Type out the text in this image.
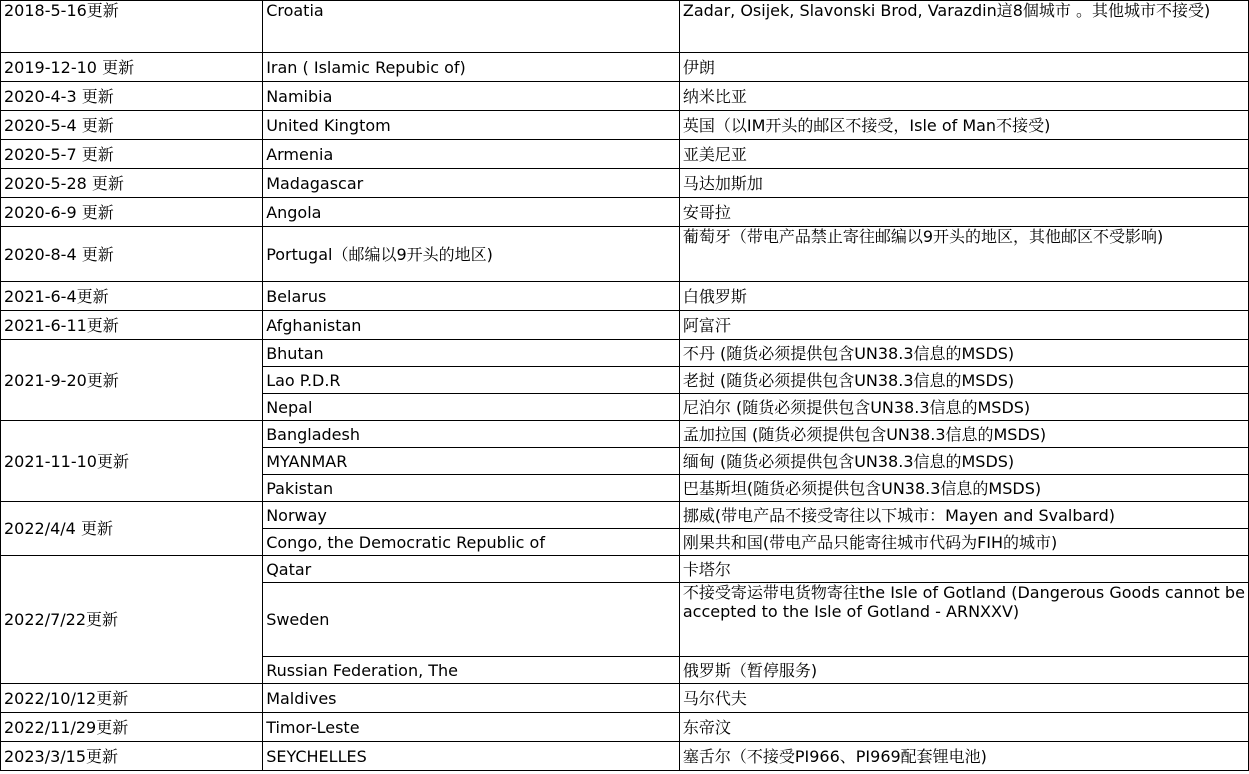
2018-5-16更新	Croatia	Zadar, Osijek, Slavonski Brod, Varazdin這8個城市 。其他城市不接受)
2019-12-10 更新	Iran ( Islamic Repubic of)	伊朗
2020-4-3 更新	Namibia	纳米比亚
2020-5-4 更新	United Kingtom	英国（以IM开头的邮区不接受，Isle of Man不接受)
2020-5-7 更新	Armenia	亚美尼亚
2020-5-28 更新	Madagascar	马达加斯加
2020-6-9 更新	Angola	安哥拉
2020-8-4 更新	Portugal（邮编以9开头的地区)	葡萄牙（带电产品禁止寄往邮编以9开头的地区，其他邮区不受影响)
2021-6-4更新	Belarus	白俄罗斯
2021-6-11更新	Afghanistan	阿富汗
2021-9-20更新	Bhutan	不丹 (随货必须提供包含UN38.3信息的MSDS)
	Lao P.D.R	老挝 (随货必须提供包含UN38.3信息的MSDS)
	Nepal	尼泊尔 (随货必须提供包含UN38.3信息的MSDS)
2021-11-10更新	Bangladesh	孟加拉国 (随货必须提供包含UN38.3信息的MSDS)
	MYANMAR	缅甸 (随货必须提供包含UN38.3信息的MSDS)
	Pakistan	巴基斯坦(随货必须提供包含UN38.3信息的MSDS)
2022/4/4 更新	Norway	挪威(带电产品不接受寄往以下城市：Mayen and Svalbard)
	Congo, the Democratic Republic of	刚果共和国(带电产品只能寄往城市代码为FIH的城市)
2022/7/22更新	Qatar	卡塔尔
	Sweden	不接受寄运带电货物寄往the Isle of Gotland (Dangerous Goods cannot be accepted to the Isle of Gotland - ARNXXV)
	Russian Federation, The	俄罗斯（暂停服务)
2022/10/12更新	Maldives	马尔代夫
2022/11/29更新	Timor-Leste	东帝汶
2023/3/15更新	SEYCHELLES	塞舌尔（不接受PI966、PI969配套锂电池)
